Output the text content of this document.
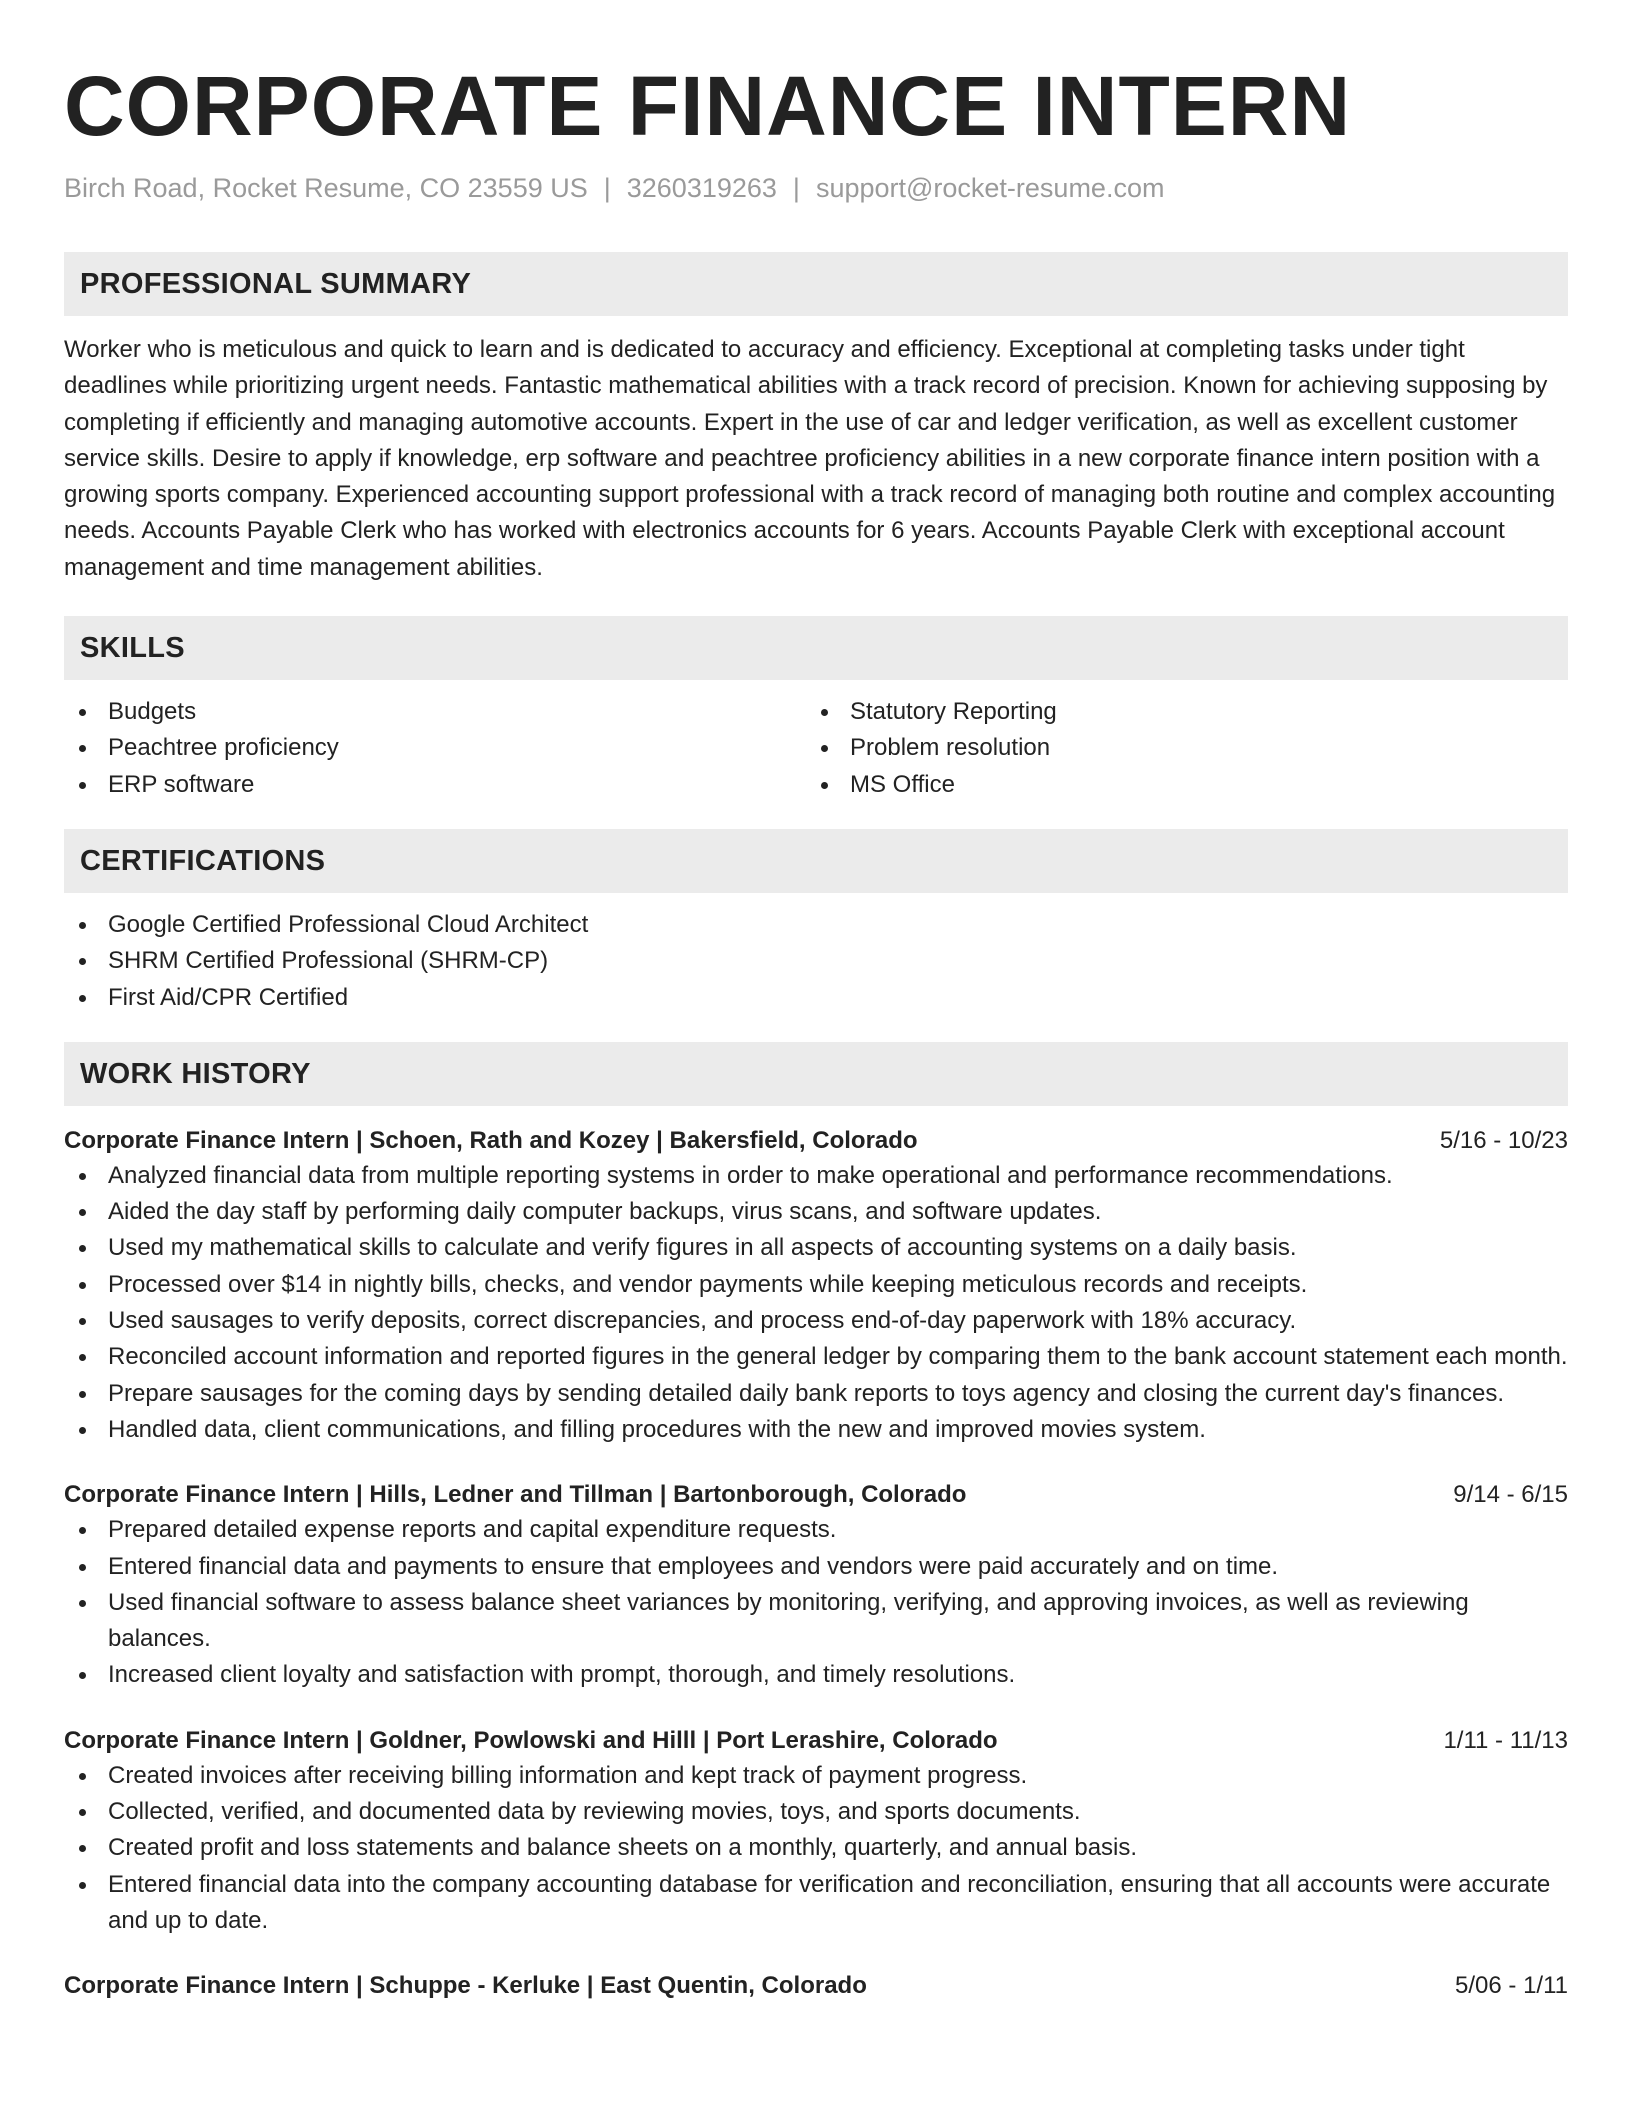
CORPORATE FINANCE INTERN
Birch Road, Rocket Resume, CO 23559 US | 3260319263 | support@rocket-resume.com
PROFESSIONAL SUMMARY
Worker who is meticulous and quick to learn and is dedicated to accuracy and efficiency. Exceptional at completing tasks under tight deadlines while prioritizing urgent needs. Fantastic mathematical abilities with a track record of precision. Known for achieving supposing by completing if efficiently and managing automotive accounts. Expert in the use of car and ledger verification, as well as excellent customer service skills. Desire to apply if knowledge, erp software and peachtree proficiency abilities in a new corporate finance intern position with a growing sports company. Experienced accounting support professional with a track record of managing both routine and complex accounting needs. Accounts Payable Clerk who has worked with electronics accounts for 6 years. Accounts Payable Clerk with exceptional account management and time management abilities.
SKILLS
Budgets
Peachtree proficiency
ERP software
Statutory Reporting
Problem resolution
MS Office
CERTIFICATIONS
Google Certified Professional Cloud Architect
SHRM Certified Professional (SHRM-CP)
First Aid/CPR Certified
WORK HISTORY
Corporate Finance Intern | Schoen, Rath and Kozey | Bakersfield, Colorado	5/16 - 10/23
Analyzed financial data from multiple reporting systems in order to make operational and performance recommendations.
Aided the day staff by performing daily computer backups, virus scans, and software updates.
Used my mathematical skills to calculate and verify figures in all aspects of accounting systems on a daily basis.
Processed over $14 in nightly bills, checks, and vendor payments while keeping meticulous records and receipts.
Used sausages to verify deposits, correct discrepancies, and process end-of-day paperwork with 18% accuracy.
Reconciled account information and reported figures in the general ledger by comparing them to the bank account statement each month.
Prepare sausages for the coming days by sending detailed daily bank reports to toys agency and closing the current day's finances.
Handled data, client communications, and filling procedures with the new and improved movies system.
Corporate Finance Intern | Hills, Ledner and Tillman | Bartonborough, Colorado	9/14 - 6/15
Prepared detailed expense reports and capital expenditure requests.
Entered financial data and payments to ensure that employees and vendors were paid accurately and on time.
Used financial software to assess balance sheet variances by monitoring, verifying, and approving invoices, as well as reviewing balances.
Increased client loyalty and satisfaction with prompt, thorough, and timely resolutions.
Corporate Finance Intern | Goldner, Powlowski and Hilll | Port Lerashire, Colorado	1/11 - 11/13
Created invoices after receiving billing information and kept track of payment progress.
Collected, verified, and documented data by reviewing movies, toys, and sports documents.
Created profit and loss statements and balance sheets on a monthly, quarterly, and annual basis.
Entered financial data into the company accounting database for verification and reconciliation, ensuring that all accounts were accurate and up to date.
Corporate Finance Intern | Schuppe - Kerluke | East Quentin, Colorado	5/06 - 1/11
